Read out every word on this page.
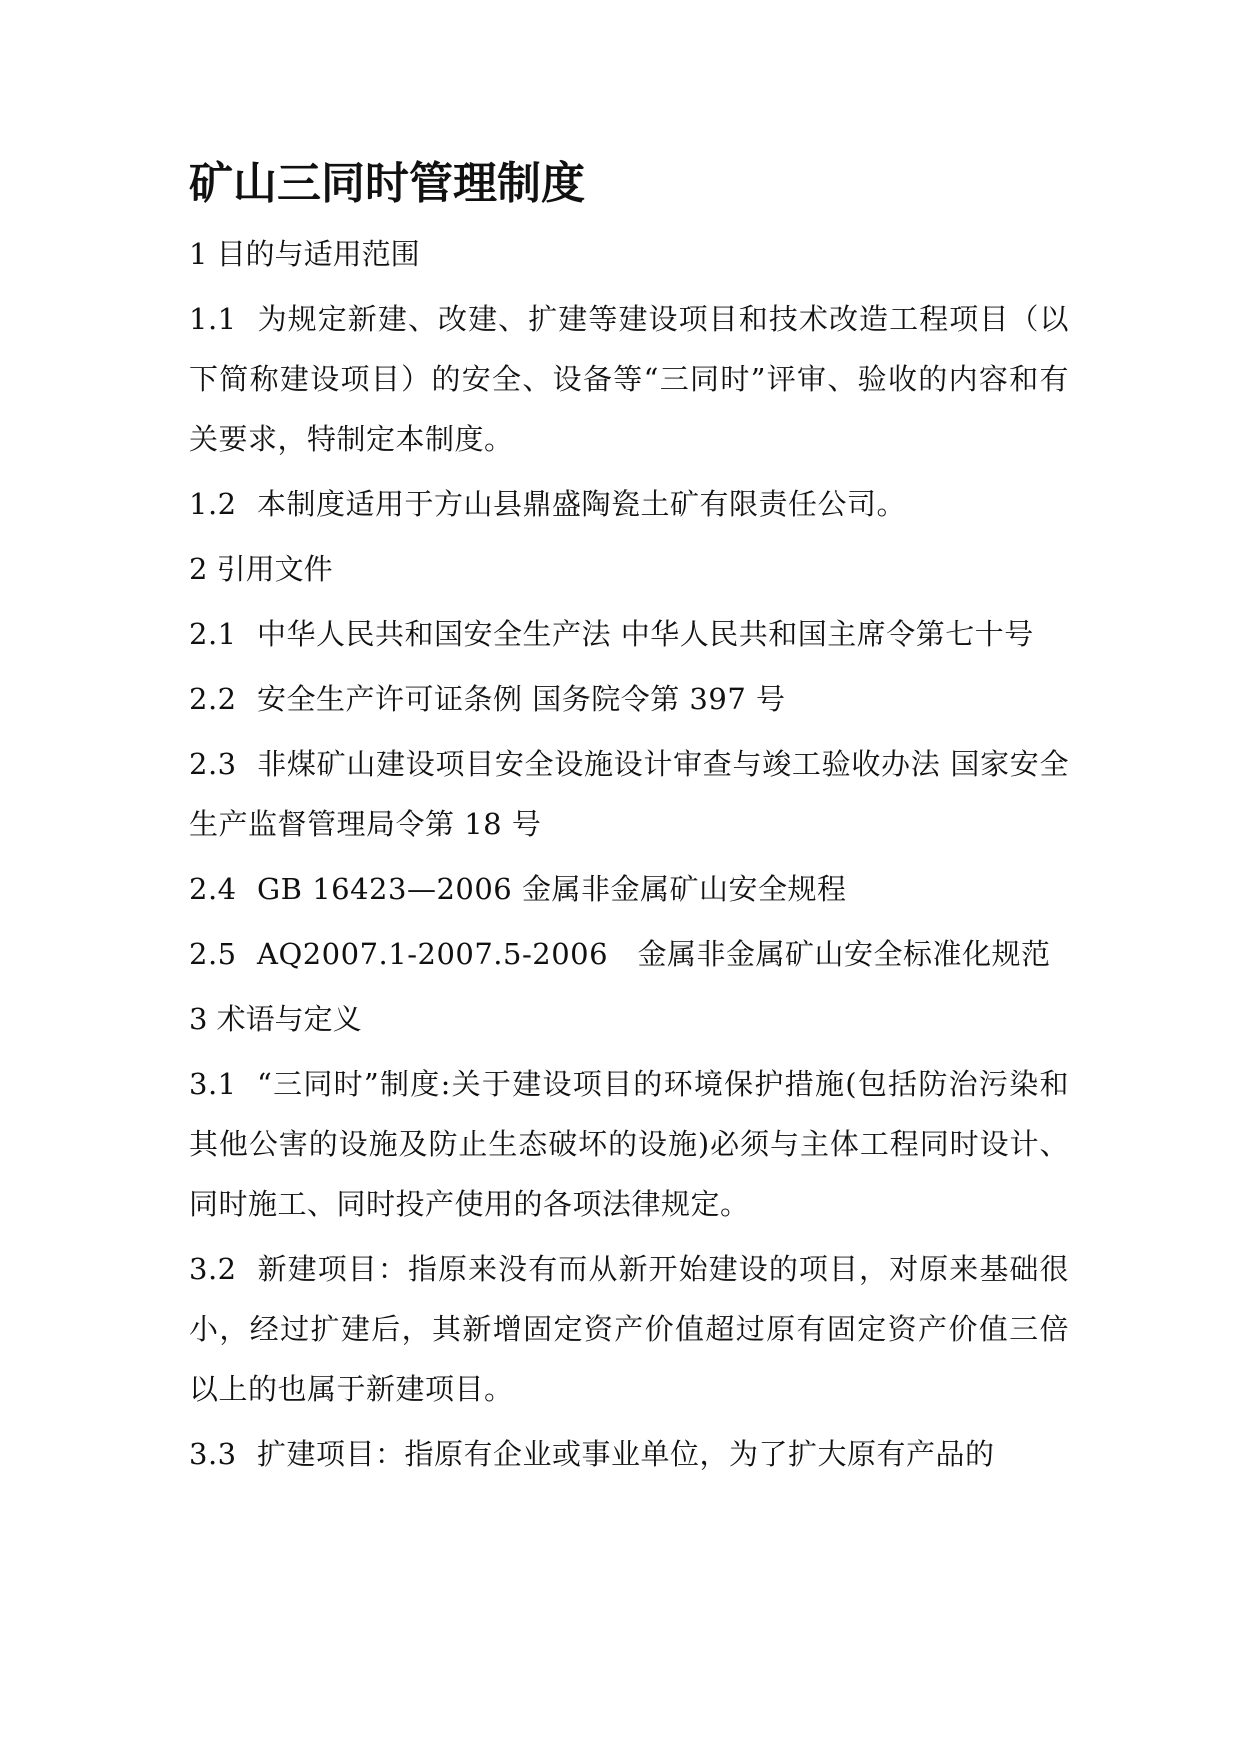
矿山三同时管理制度

1 目的与适用范围

1.1 为规定新建、改建、扩建等建设项目和技术改造工程项目（以下简称建设项目）的安全、设备等“三同时”评审、验收的内容和有关要求，特制定本制度。

1.2 本制度适用于方山县鼎盛陶瓷土矿有限责任公司。

2 引用文件

2.1 中华人民共和国安全生产法 中华人民共和国主席令第七十号

2.2 安全生产许可证条例 国务院令第 397 号

2.3 非煤矿山建设项目安全设施设计审查与竣工验收办法 国家安全生产监督管理局令第 18 号

2.4 GB 16423—2006 金属非金属矿山安全规程

2.5 AQ2007.1-2007.5-2006　金属非金属矿山安全标准化规范

3 术语与定义

3.1 “三同时”制度:关于建设项目的环境保护措施(包括防治污染和其他公害的设施及防止生态破坏的设施)必须与主体工程同时设计、同时施工、同时投产使用的各项法律规定。

3.2 新建项目：指原来没有而从新开始建设的项目，对原来基础很小，经过扩建后，其新增固定资产价值超过原有固定资产价值三倍以上的也属于新建项目。

3.3 扩建项目：指原有企业或事业单位，为了扩大原有产品的
